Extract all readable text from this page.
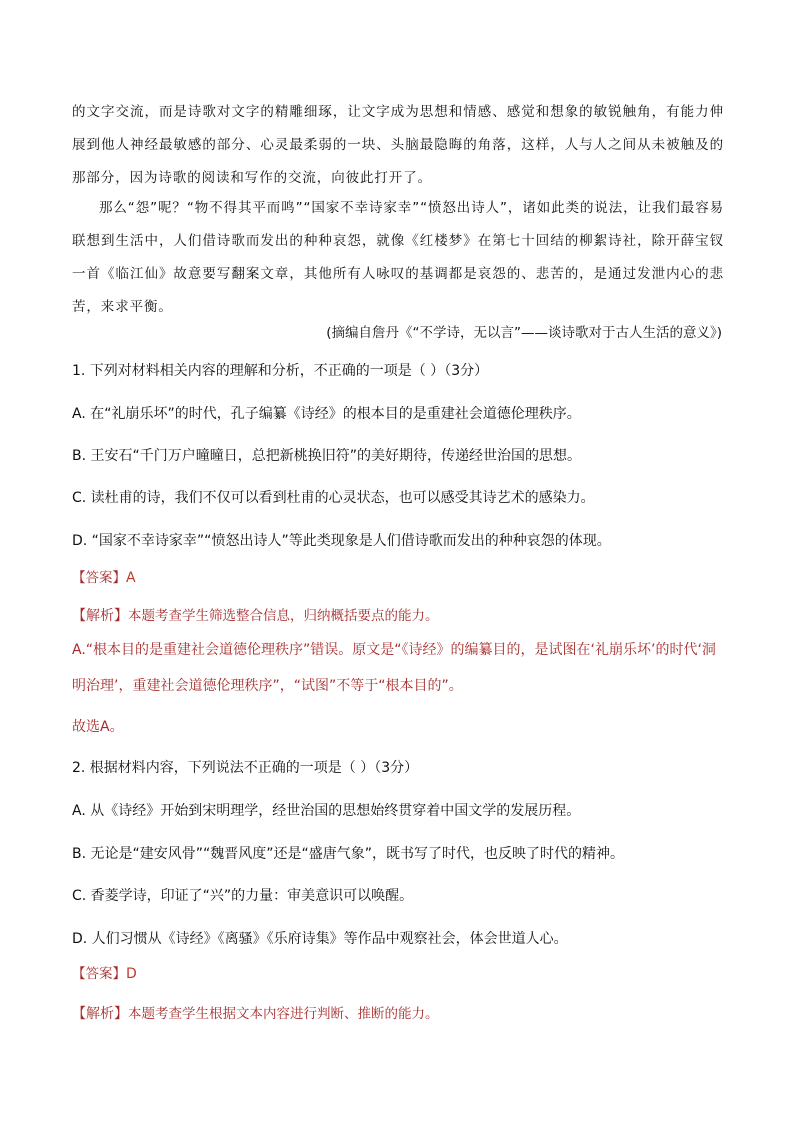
的文字交流，而是诗歌对文字的精雕细琢，让文字成为思想和情感、感觉和想象的敏锐触角，有能力伸展到他人神经最敏感的部分、心灵最柔弱的一块、头脑最隐晦的角落，这样，人与人之间从未被触及的那部分，因为诗歌的阅读和写作的交流，向彼此打开了。

那么“怨”呢？“物不得其平而鸣”“国家不幸诗家幸”“愤怒出诗人”，诸如此类的说法，让我们最容易联想到生活中，人们借诗歌而发出的种种哀怨，就像《红楼梦》在第七十回结的柳絮诗社，除开薛宝钗一首《临江仙》故意要写翻案文章，其他所有人咏叹的基调都是哀怨的、悲苦的，是通过发泄内心的悲苦，来求平衡。

(摘编自詹丹《“不学诗，无以言”——谈诗歌对于古人生活的意义》)

1. 下列对材料相关内容的理解和分析，不正确的一项是（ ）（3分）

A. 在“礼崩乐坏”的时代，孔子编纂《诗经》的根本目的是重建社会道德伦理秩序。

B. 王安石“千门万户曈曈日，总把新桃换旧符”的美好期待，传递经世治国的思想。

C. 读杜甫的诗，我们不仅可以看到杜甫的心灵状态，也可以感受其诗艺术的感染力。

D. “国家不幸诗家幸”“愤怒出诗人”等此类现象是人们借诗歌而发出的种种哀怨的体现。

【答案】A

【解析】本题考查学生筛选整合信息，归纳概括要点的能力。

A.“根本目的是重建社会道德伦理秩序”错误。原文是“《诗经》的编纂目的，是试图在‘礼崩乐坏’的时代‘洞明治理’，重建社会道德伦理秩序”，“试图”不等于“根本目的”。

故选A。

2. 根据材料内容，下列说法不正确的一项是（ ）（3分）

A. 从《诗经》开始到宋明理学，经世治国的思想始终贯穿着中国文学的发展历程。

B. 无论是“建安风骨”“魏晋风度”还是“盛唐气象”，既书写了时代，也反映了时代的精神。

C. 香菱学诗，印证了“兴”的力量：审美意识可以唤醒。

D. 人们习惯从《诗经》《离骚》《乐府诗集》等作品中观察社会，体会世道人心。

【答案】D

【解析】本题考查学生根据文本内容进行判断、推断的能力。
